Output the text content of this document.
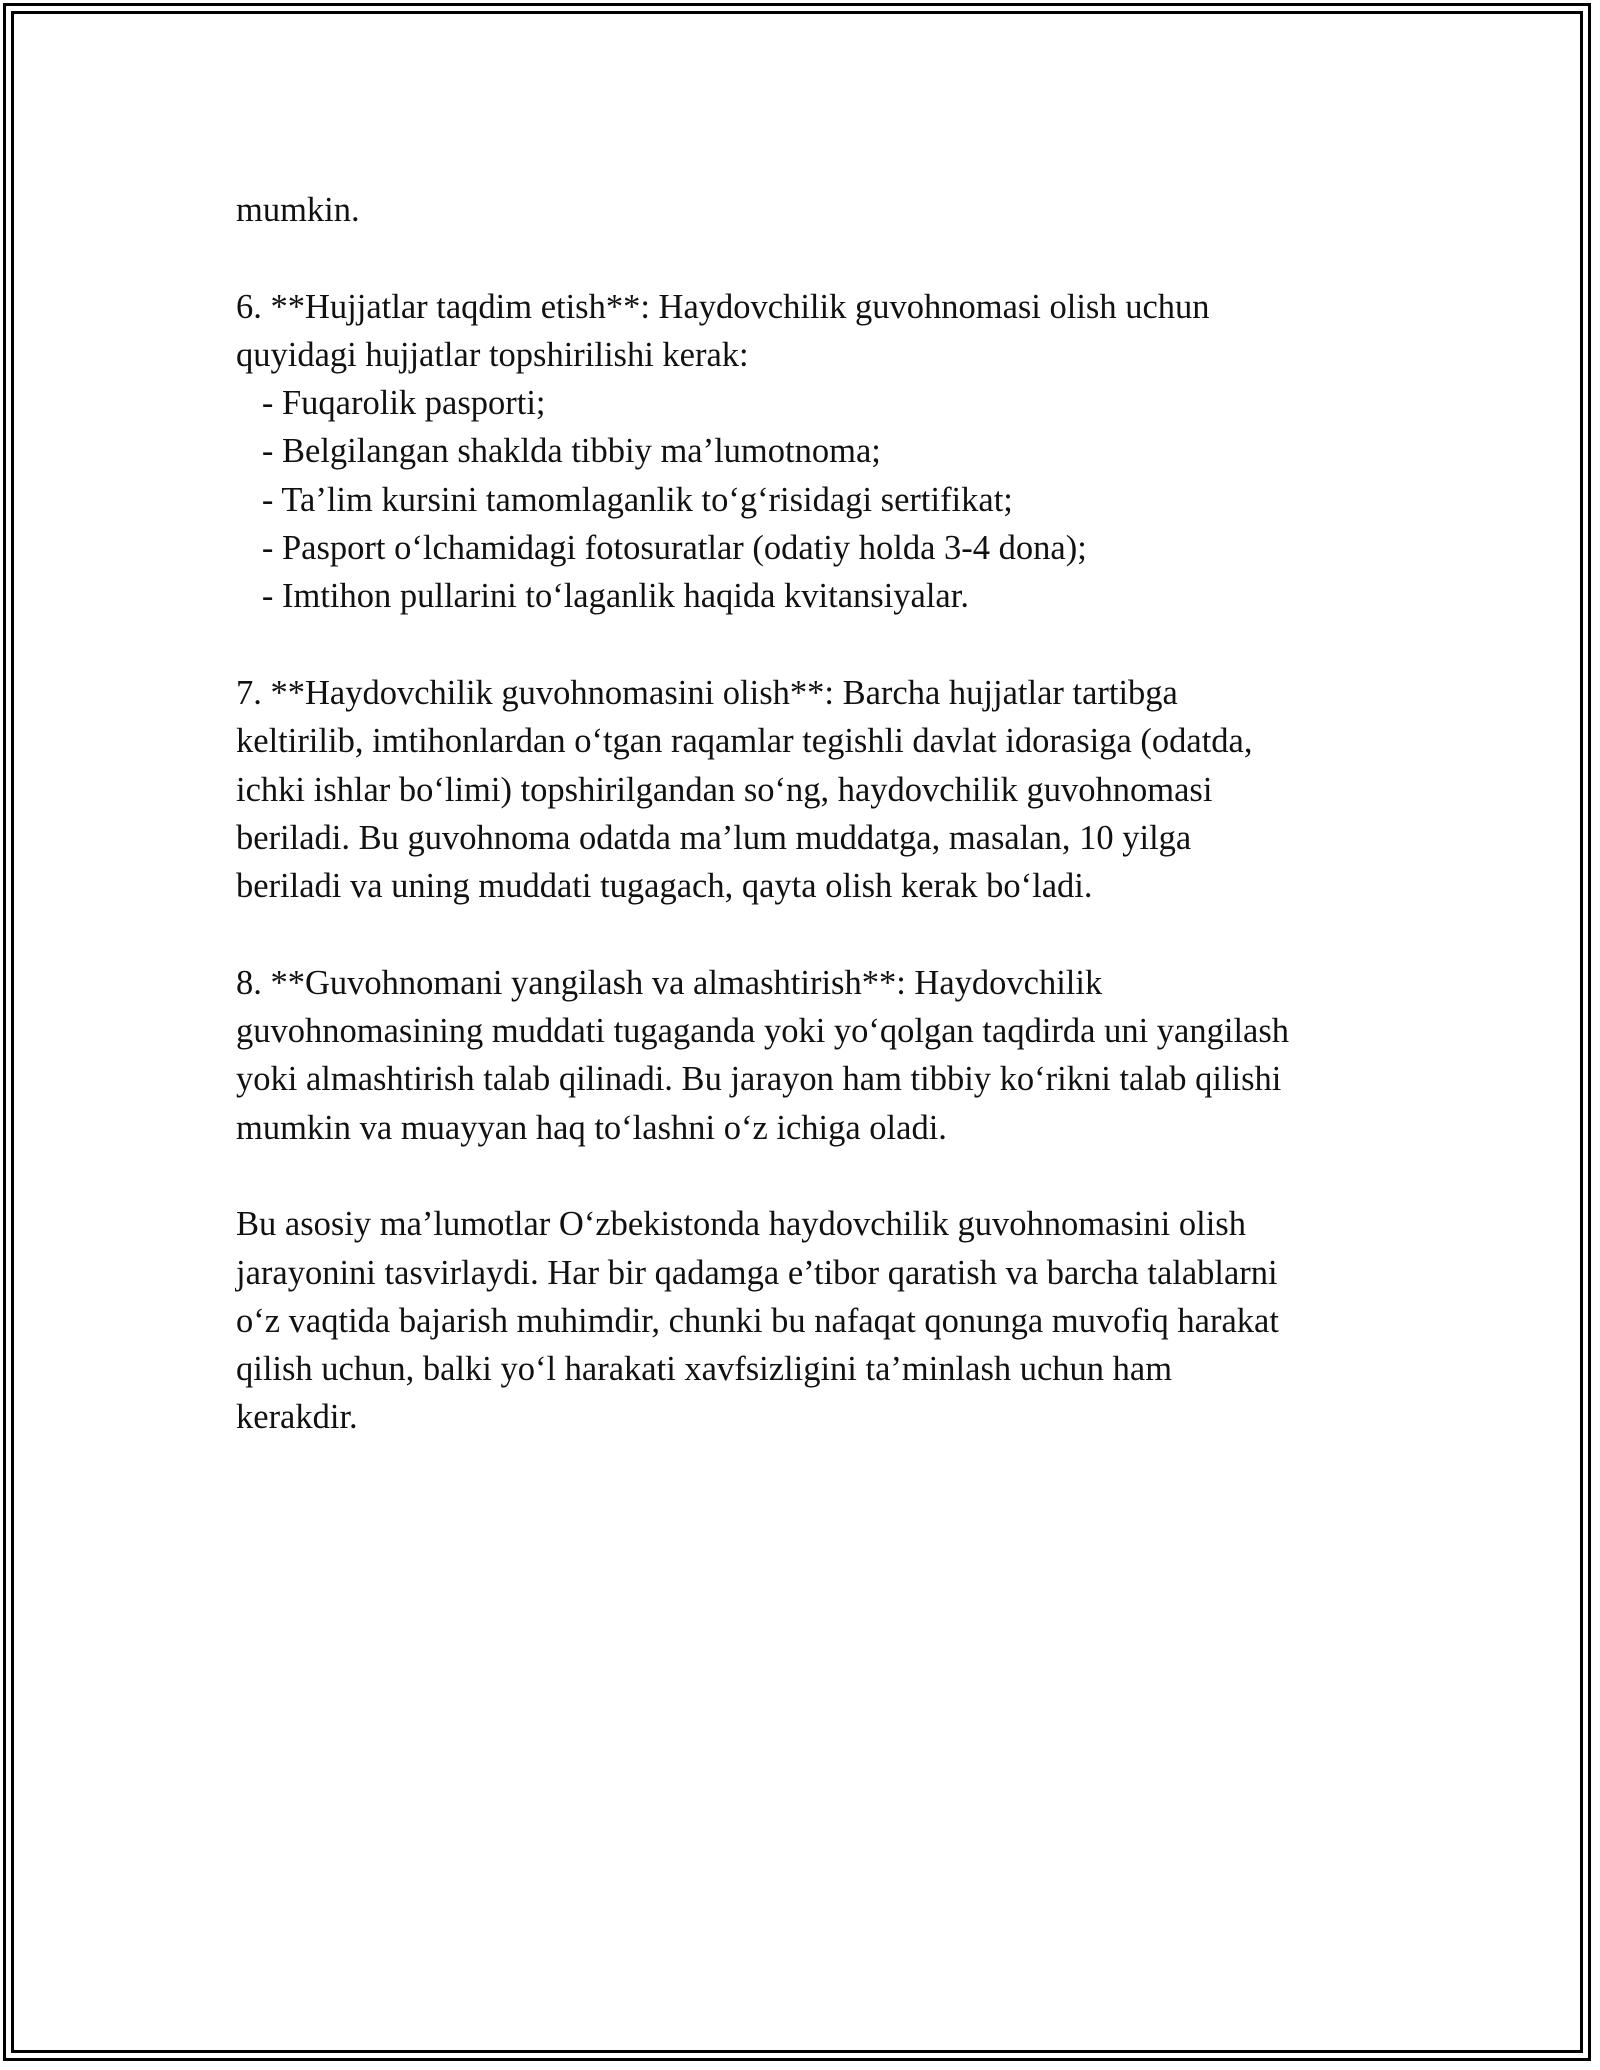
mumkin.
6. **Hujjatlar taqdim etish**: Haydovchilik guvohnomasi olish uchun
quyidagi hujjatlar topshirilishi kerak:
- Fuqarolik pasporti;
- Belgilangan shaklda tibbiy ma’lumotnoma;
- Ta’lim kursini tamomlaganlik to‘g‘risidagi sertifikat;
- Pasport o‘lchamidagi fotosuratlar (odatiy holda 3-4 dona);
- Imtihon pullarini to‘laganlik haqida kvitansiyalar.
7. **Haydovchilik guvohnomasini olish**: Barcha hujjatlar tartibga
keltirilib, imtihonlardan o‘tgan raqamlar tegishli davlat idorasiga (odatda,
ichki ishlar bo‘limi) topshirilgandan so‘ng, haydovchilik guvohnomasi
beriladi. Bu guvohnoma odatda ma’lum muddatga, masalan, 10 yilga
beriladi va uning muddati tugagach, qayta olish kerak bo‘ladi.
8. **Guvohnomani yangilash va almashtirish**: Haydovchilik
guvohnomasining muddati tugaganda yoki yo‘qolgan taqdirda uni yangilash
yoki almashtirish talab qilinadi. Bu jarayon ham tibbiy ko‘rikni talab qilishi
mumkin va muayyan haq to‘lashni o‘z ichiga oladi.
Bu asosiy ma’lumotlar O‘zbekistonda haydovchilik guvohnomasini olish
jarayonini tasvirlaydi. Har bir qadamga e’tibor qaratish va barcha talablarni
o‘z vaqtida bajarish muhimdir, chunki bu nafaqat qonunga muvofiq harakat
qilish uchun, balki yo‘l harakati xavfsizligini ta’minlash uchun ham
kerakdir.
